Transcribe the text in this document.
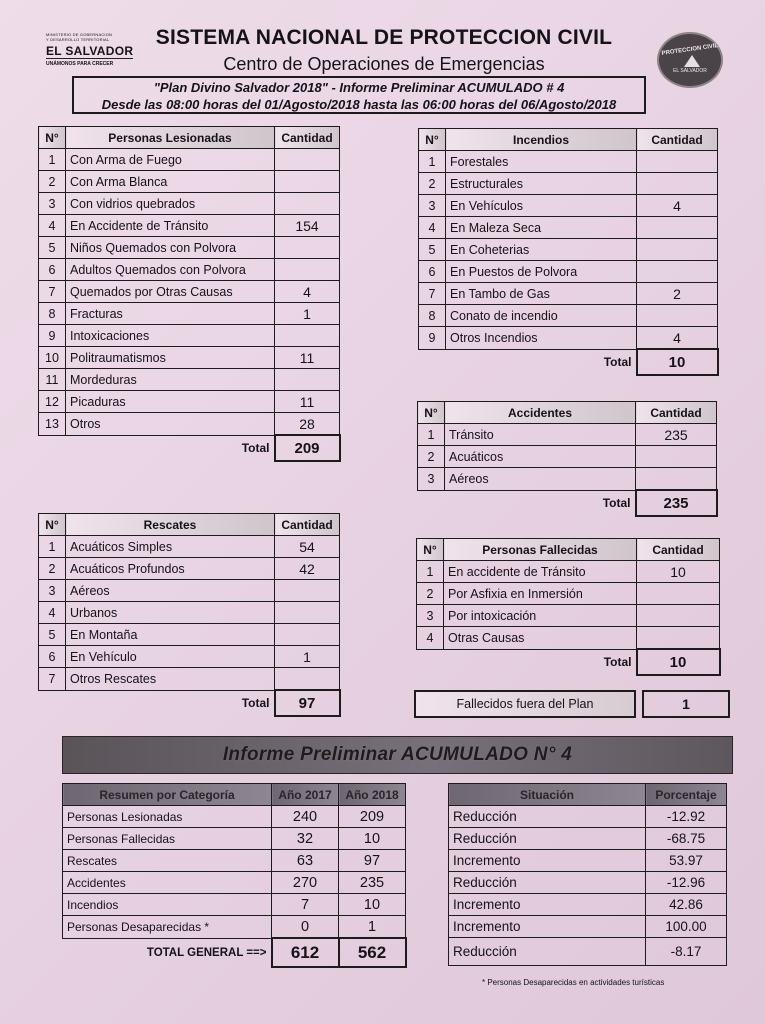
MINISTERIO DE GOBERNACION
Y DESARROLLO TERRITORIAL
EL SALVADOR
UNÁMONOS PARA CRECER
PROTECCION CIVIL
EL SALVADOR
SISTEMA NACIONAL DE PROTECCION CIVIL
Centro de Operaciones de Emergencias
"Plan Divino Salvador 2018" - Informe Preliminar ACUMULADO # 4
Desde las 08:00 horas del 01/Agosto/2018 hasta las 06:00 horas del 06/Agosto/2018
N°	Personas Lesionadas	Cantidad
1	Con Arma de Fuego	
2	Con Arma Blanca	
3	Con vidrios quebrados	
4	En Accidente de Tránsito	154
5	Niños Quemados con Polvora	
6	Adultos Quemados con Polvora	
7	Quemados por Otras Causas	4
8	Fracturas	1
9	Intoxicaciones	
10	Politraumatismos	11
11	Mordeduras	
12	Picaduras	11
13	Otros	28
Total		209
N°	Incendios	Cantidad
1	Forestales	
2	Estructurales	
3	En Vehículos	4
4	En Maleza Seca	
5	En Coheterias	
6	En Puestos de Polvora	
7	En Tambo de Gas	2
8	Conato de incendio	
9	Otros Incendios	4
Total		10
N°	Accidentes	Cantidad
1	Tránsito	235
2	Acuáticos	
3	Aéreos	
Total		235
N°	Rescates	Cantidad
1	Acuáticos Simples	54
2	Acuáticos Profundos	42
3	Aéreos	
4	Urbanos	
5	En Montaña	
6	En Vehículo	1
7	Otros Rescates	
Total		97
N°	Personas Fallecidas	Cantidad
1	En accidente de Tránsito	10
2	Por Asfixia en Inmersión	
3	Por intoxicación	
4	Otras Causas	
Total		10
Fallecidos fuera del Plan	1
Informe Preliminar ACUMULADO N° 4
Resumen por Categoría	Año 2017	Año 2018
Personas Lesionadas	240	209
Personas Fallecidas	32	10
Rescates	63	97
Accidentes	270	235
Incendios	7	10
Personas Desaparecidas *	0	1
TOTAL GENERAL ==>	612	562
Situación	Porcentaje
Reducción	-12.92
Reducción	-68.75
Incremento	53.97
Reducción	-12.96
Incremento	42.86
Incremento	100.00
Reducción	-8.17
* Personas Desaparecidas en actividades turísticas
